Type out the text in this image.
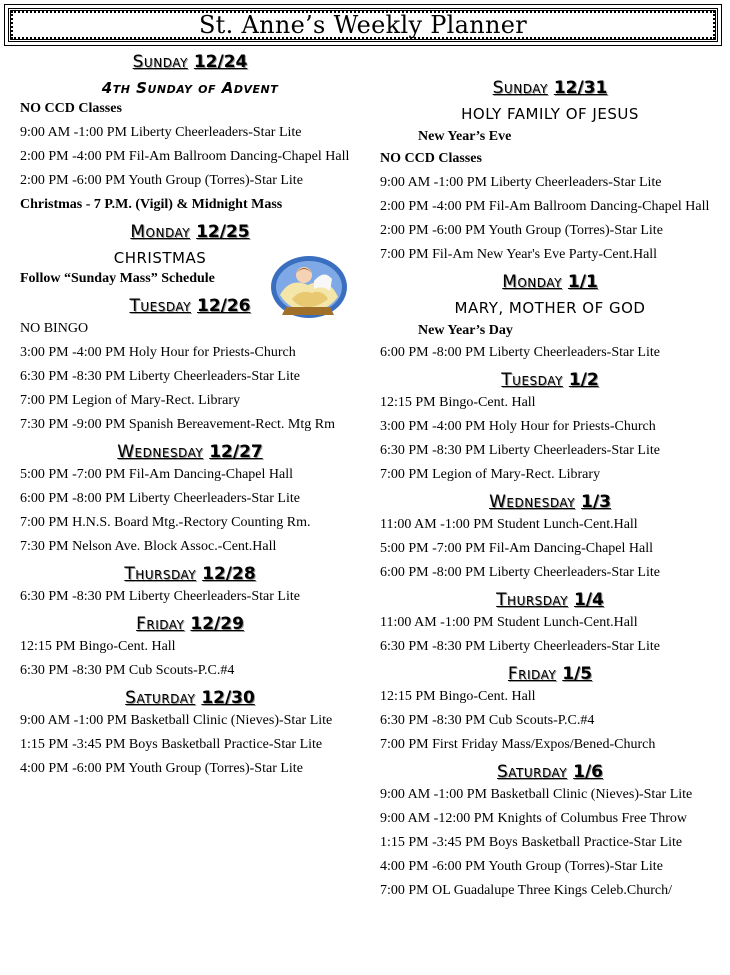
St. Anne’s Weekly Planner
Sunday 12/24
4th Sunday of Advent
NO CCD Classes
9:00 AM -1:00 PM Liberty Cheerleaders-Star Lite
2:00 PM -4:00 PM Fil-Am Ballroom Dancing-Chapel Hall
2:00 PM -6:00 PM Youth Group (Torres)-Star Lite
Christmas - 7 P.M. (Vigil) & Midnight Mass
Monday 12/25
CHRISTMAS
Follow “Sunday Mass” Schedule
Tuesday 12/26
NO BINGO
3:00 PM -4:00 PM Holy Hour for Priests-Church
6:30 PM -8:30 PM Liberty Cheerleaders-Star Lite
7:00 PM Legion of Mary-Rect. Library
7:30 PM -9:00 PM Spanish Bereavement-Rect. Mtg Rm
Wednesday 12/27
5:00 PM -7:00 PM Fil-Am Dancing-Chapel Hall
6:00 PM -8:00 PM Liberty Cheerleaders-Star Lite
7:00 PM H.N.S. Board Mtg.-Rectory Counting Rm.
7:30 PM Nelson Ave. Block Assoc.-Cent.Hall
Thursday 12/28
6:30 PM -8:30 PM Liberty Cheerleaders-Star Lite
Friday 12/29
12:15 PM Bingo-Cent. Hall
6:30 PM -8:30 PM Cub Scouts-P.C.#4
Saturday 12/30
9:00 AM -1:00 PM Basketball Clinic (Nieves)-Star Lite
1:15 PM -3:45 PM Boys Basketball Practice-Star Lite
4:00 PM -6:00 PM Youth Group (Torres)-Star Lite
Sunday 12/31
HOLY FAMILY OF JESUS
New Year’s Eve
NO CCD Classes
9:00 AM -1:00 PM Liberty Cheerleaders-Star Lite
2:00 PM -4:00 PM Fil-Am Ballroom Dancing-Chapel Hall
2:00 PM -6:00 PM Youth Group (Torres)-Star Lite
7:00 PM Fil-Am New Year's Eve Party-Cent.Hall
Monday 1/1
MARY, MOTHER OF GOD
New Year’s Day
6:00 PM -8:00 PM Liberty Cheerleaders-Star Lite
Tuesday 1/2
12:15 PM Bingo-Cent. Hall
3:00 PM -4:00 PM Holy Hour for Priests-Church
6:30 PM -8:30 PM Liberty Cheerleaders-Star Lite
7:00 PM Legion of Mary-Rect. Library
Wednesday 1/3
11:00 AM -1:00 PM Student Lunch-Cent.Hall
5:00 PM -7:00 PM Fil-Am Dancing-Chapel Hall
6:00 PM -8:00 PM Liberty Cheerleaders-Star Lite
Thursday 1/4
11:00 AM -1:00 PM Student Lunch-Cent.Hall
6:30 PM -8:30 PM Liberty Cheerleaders-Star Lite
Friday 1/5
12:15 PM Bingo-Cent. Hall
6:30 PM -8:30 PM Cub Scouts-P.C.#4
7:00 PM First Friday Mass/Expos/Bened-Church
Saturday 1/6
9:00 AM -1:00 PM Basketball Clinic (Nieves)-Star Lite
9:00 AM -12:00 PM Knights of Columbus Free Throw
1:15 PM -3:45 PM Boys Basketball Practice-Star Lite
4:00 PM -6:00 PM Youth Group (Torres)-Star Lite
7:00 PM OL Guadalupe Three Kings Celeb.Church/
